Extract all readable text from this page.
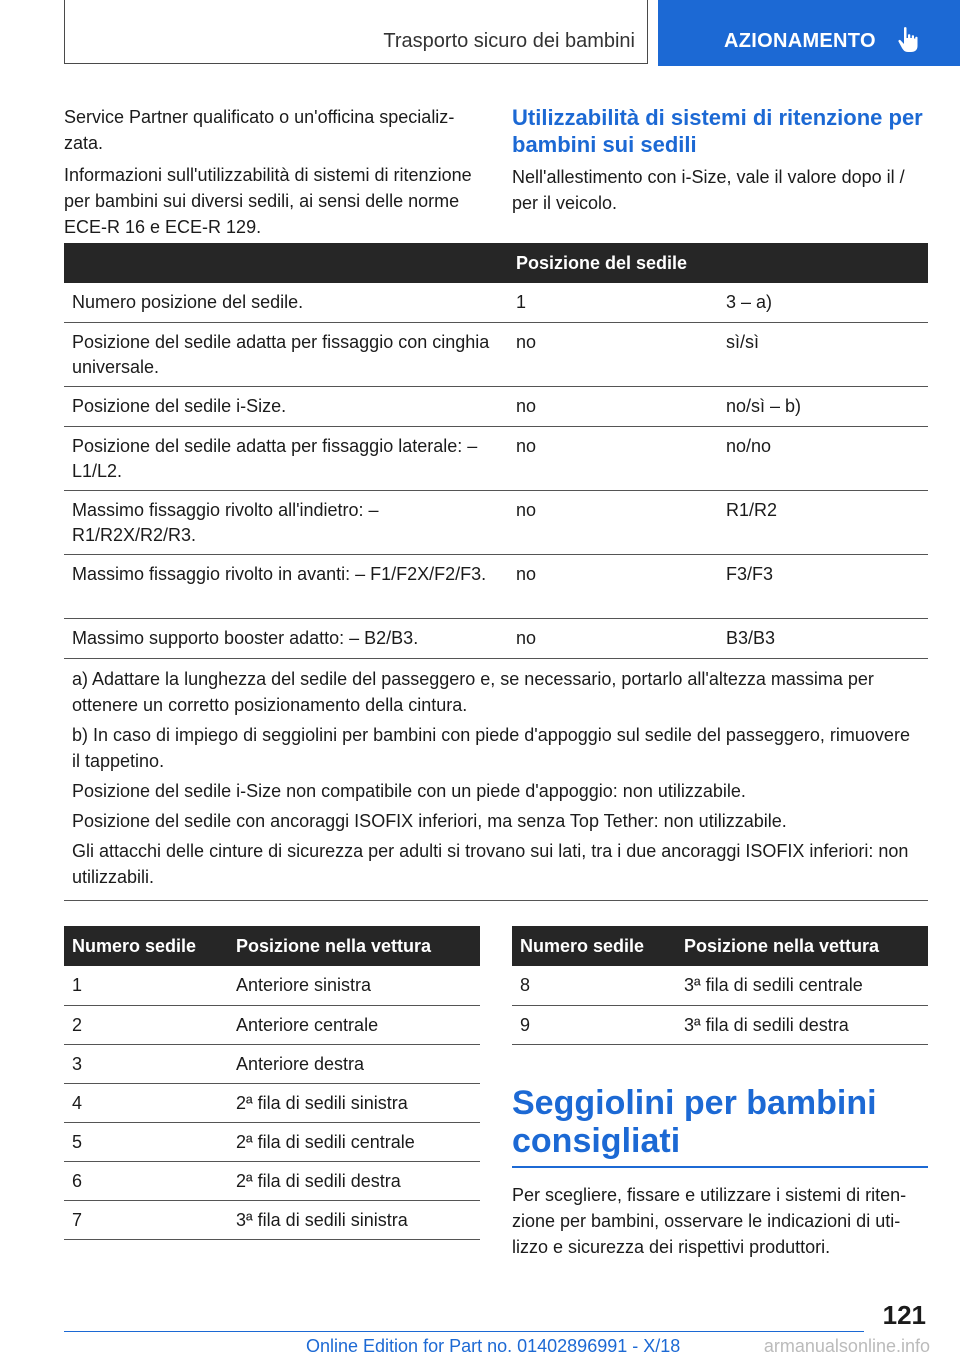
Trasporto sicuro dei bambini	AZIONAMENTO

Service Partner qualificato o un'officina specializzata.

Informazioni sull'utilizzabilità di sistemi di ritenzione per bambini sui diversi sedili, ai sensi delle norme ECE-R 16 e ECE-R 129.

Utilizzabilità di sistemi di ritenzione per bambini sui sedili

Nell'allestimento con i-Size, vale il valore dopo il / per il veicolo.

	Posizione del sedile	
Numero posizione del sedile.	1	3 – a)
Posizione del sedile adatta per fissaggio con cinghia universale.	no	sì/sì
Posizione del sedile i-Size.	no	no/sì – b)
Posizione del sedile adatta per fissaggio laterale: – L1/L2.	no	no/no
Massimo fissaggio rivolto all'indietro: – R1/R2X/R2/R3.	no	R1/R2
Massimo fissaggio rivolto in avanti: – F1/F2X/F2/F3.	no	F3/F3
Massimo supporto booster adatto: – B2/B3.	no	B3/B3

a) Adattare la lunghezza del sedile del passeggero e, se necessario, portarlo all'altezza massima per ottenere un corretto posizionamento della cintura.

b) In caso di impiego di seggiolini per bambini con piede d'appoggio sul sedile del passeggero, rimuovere il tappetino.

Posizione del sedile i-Size non compatibile con un piede d'appoggio: non utilizzabile.

Posizione del sedile con ancoraggi ISOFIX inferiori, ma senza Top Tether: non utilizzabile.

Gli attacchi delle cinture di sicurezza per adulti si trovano sui lati, tra i due ancoraggi ISOFIX inferiori: non utilizzabili.

Numero sedile	Posizione nella vettura
1	Anteriore sinistra
2	Anteriore centrale
3	Anteriore destra
4	2ª fila di sedili sinistra
5	2ª fila di sedili centrale
6	2ª fila di sedili destra
7	3ª fila di sedili sinistra
Numero sedile	Posizione nella vettura
8	3ª fila di sedili centrale
9	3ª fila di sedili destra
Seggiolini per bambini consigliati
Per scegliere, fissare e utilizzare i sistemi di ritenzione per bambini, osservare le indicazioni di utilizzo e sicurezza dei rispettivi produttori.
121
Online Edition for Part no. 01402896991 - X/18	armanualsonline.info
